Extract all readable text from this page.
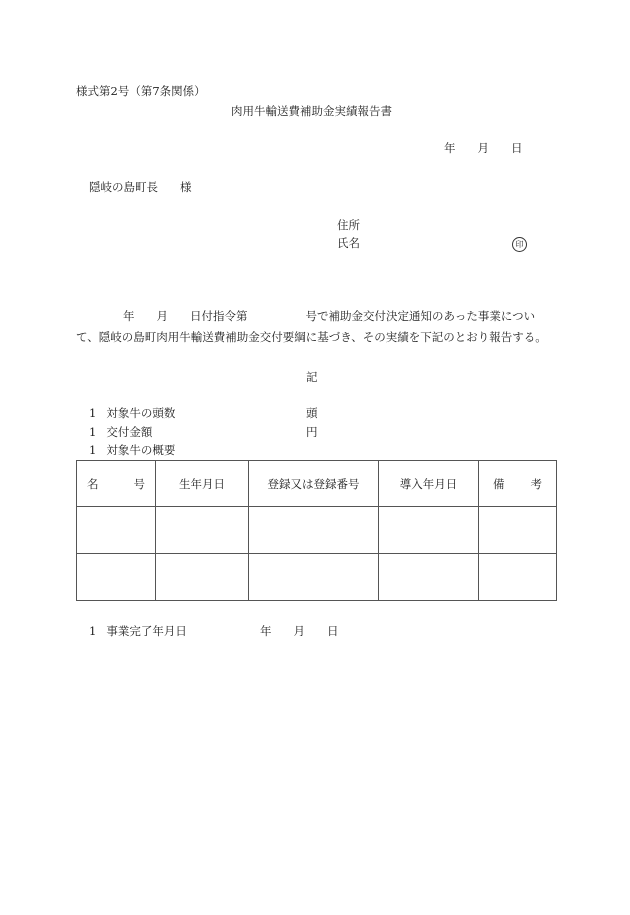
様式第2号（第7条関係）
肉用牛輸送費補助金実績報告書
年 月 日
隠岐の島町長 様
住所
氏名	印
年 月 日付指令第	号で補助金交付決定通知のあった事業につい
て、隠岐の島町肉用牛輸送費補助金交付要綱に基づき、その実績を下記のとおり報告する。
記
1 対象牛の頭数	頭
1 交付金額	円
1 対象牛の概要
名 号	生年月日	登録又は登録番号	導入年月日	備 考

1 事業完了年月日	年 月 日
